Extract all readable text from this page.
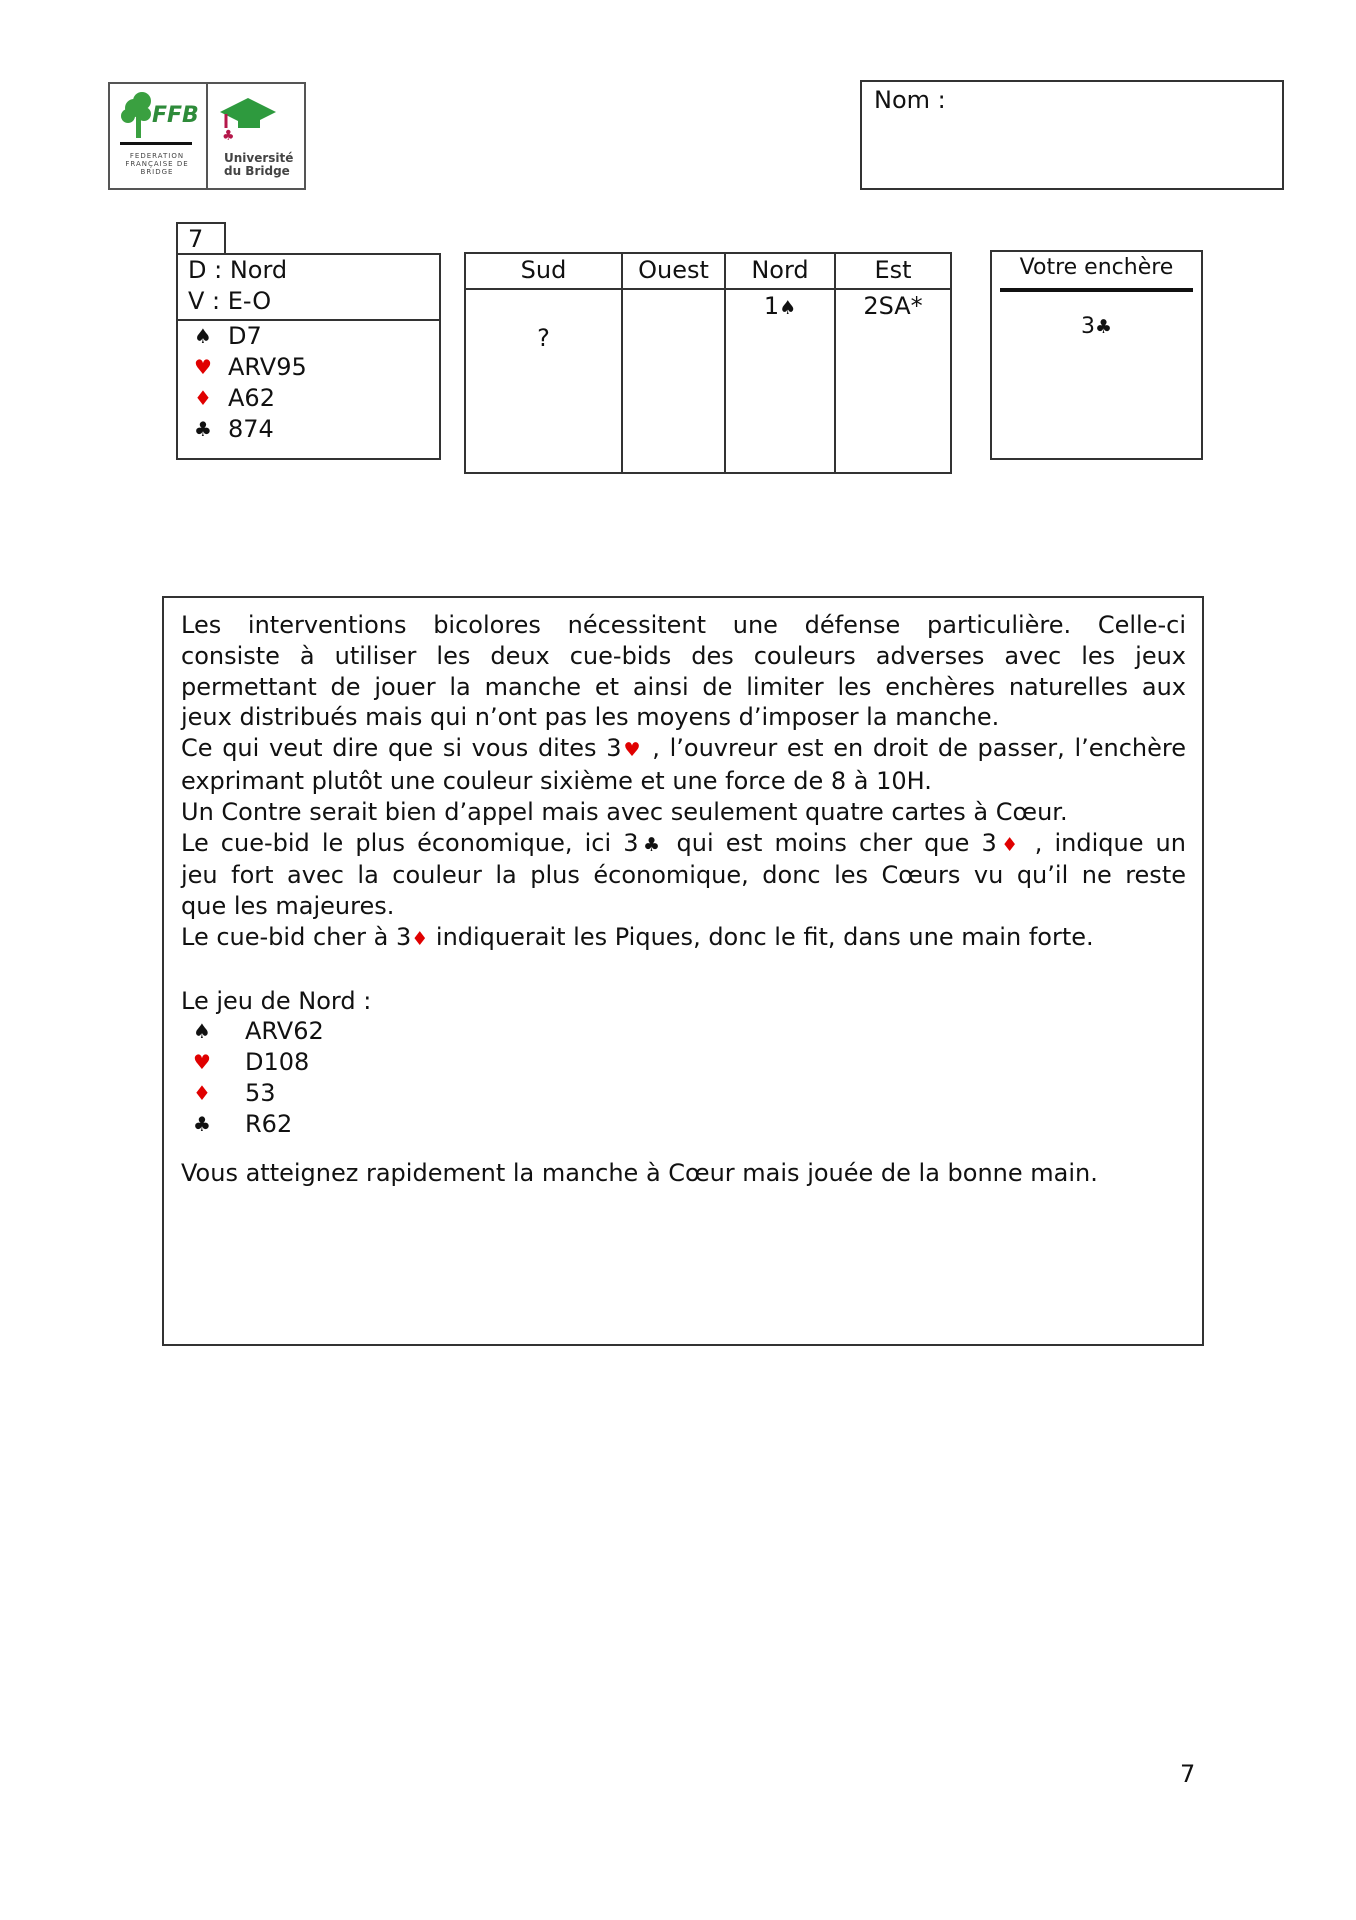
FFB
FEDERATION FRANÇAISE DE BRIDGE
♣
Université
du Bridge
Nom :
7
D : Nord
V : E-O
♠ D7
♥ ARV95
♦ A62
♣ 874
Sud	Ouest	Nord	Est

?		1♠	2SA*
Votre enchère
3♣

Les interventions bicolores nécessitent une défense particulière. Celle-ci

consiste à utiliser les deux cue-bids des couleurs adverses avec les jeux

permettant de jouer la manche et ainsi de limiter les enchères naturelles aux

jeux distribués mais qui n’ont pas les moyens d’imposer la manche.

Ce qui veut dire que si vous dites 3♥ , l’ouvreur est en droit de passer, l’enchère

exprimant plutôt une couleur sixième et une force de 8 à 10H.

Un Contre serait bien d’appel mais avec seulement quatre cartes à Cœur.

Le cue-bid le plus économique, ici 3♣ qui est moins cher que 3♦ , indique un

jeu fort avec la couleur la plus économique, donc les Cœurs vu qu’il ne reste

que les majeures.

Le cue-bid cher à 3♦ indiquerait les Piques, donc le fit, dans une main forte.

Le jeu de Nord :

♠	ARV62
♥	D108
♦	53
♣	R62

Vous atteignez rapidement la manche à Cœur mais jouée de la bonne main.

7
